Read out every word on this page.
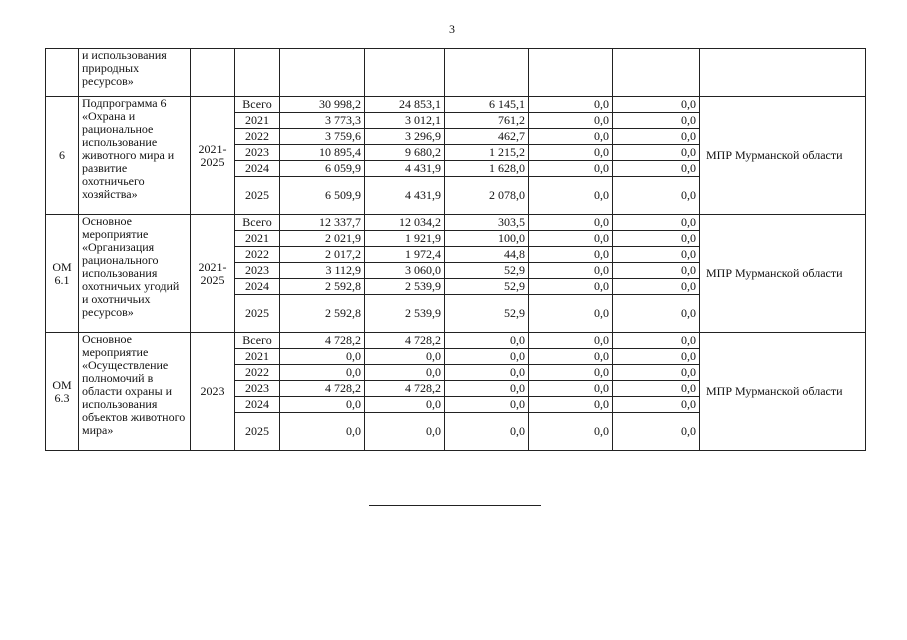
3
	и использования природных ресурсов»								
6	Подпрограмма 6 «Охрана и рациональное использование животного мира и развитие охотничьего хозяйства»	2021-2025	Всего	30 998,2	24 853,1	6 145,1	0,0	0,0	МПР Мурманской области
			2021	3 773,3	3 012,1	761,2	0,0	0,0	
			2022	3 759,6	3 296,9	462,7	0,0	0,0	
			2023	10 895,4	9 680,2	1 215,2	0,0	0,0	
			2024	6 059,9	4 431,9	1 628,0	0,0	0,0	
			2025	6 509,9	4 431,9	2 078,0	0,0	0,0	
ОМ 6.1	Основное мероприятие «Организация рационального использования охотничьих угодий и охотничьих ресурсов»	2021-2025	Всего	12 337,7	12 034,2	303,5	0,0	0,0	МПР Мурманской области
			2021	2 021,9	1 921,9	100,0	0,0	0,0	
			2022	2 017,2	1 972,4	44,8	0,0	0,0	
			2023	3 112,9	3 060,0	52,9	0,0	0,0	
			2024	2 592,8	2 539,9	52,9	0,0	0,0	
			2025	2 592,8	2 539,9	52,9	0,0	0,0	
ОМ 6.3	Основное мероприятие «Осуществление полномочий в области охраны и использования объектов животного мира»	2023	Всего	4 728,2	4 728,2	0,0	0,0	0,0	МПР Мурманской области
			2021	0,0	0,0	0,0	0,0	0,0	
			2022	0,0	0,0	0,0	0,0	0,0	
			2023	4 728,2	4 728,2	0,0	0,0	0,0	
			2024	0,0	0,0	0,0	0,0	0,0	
			2025	0,0	0,0	0,0	0,0	0,0	
